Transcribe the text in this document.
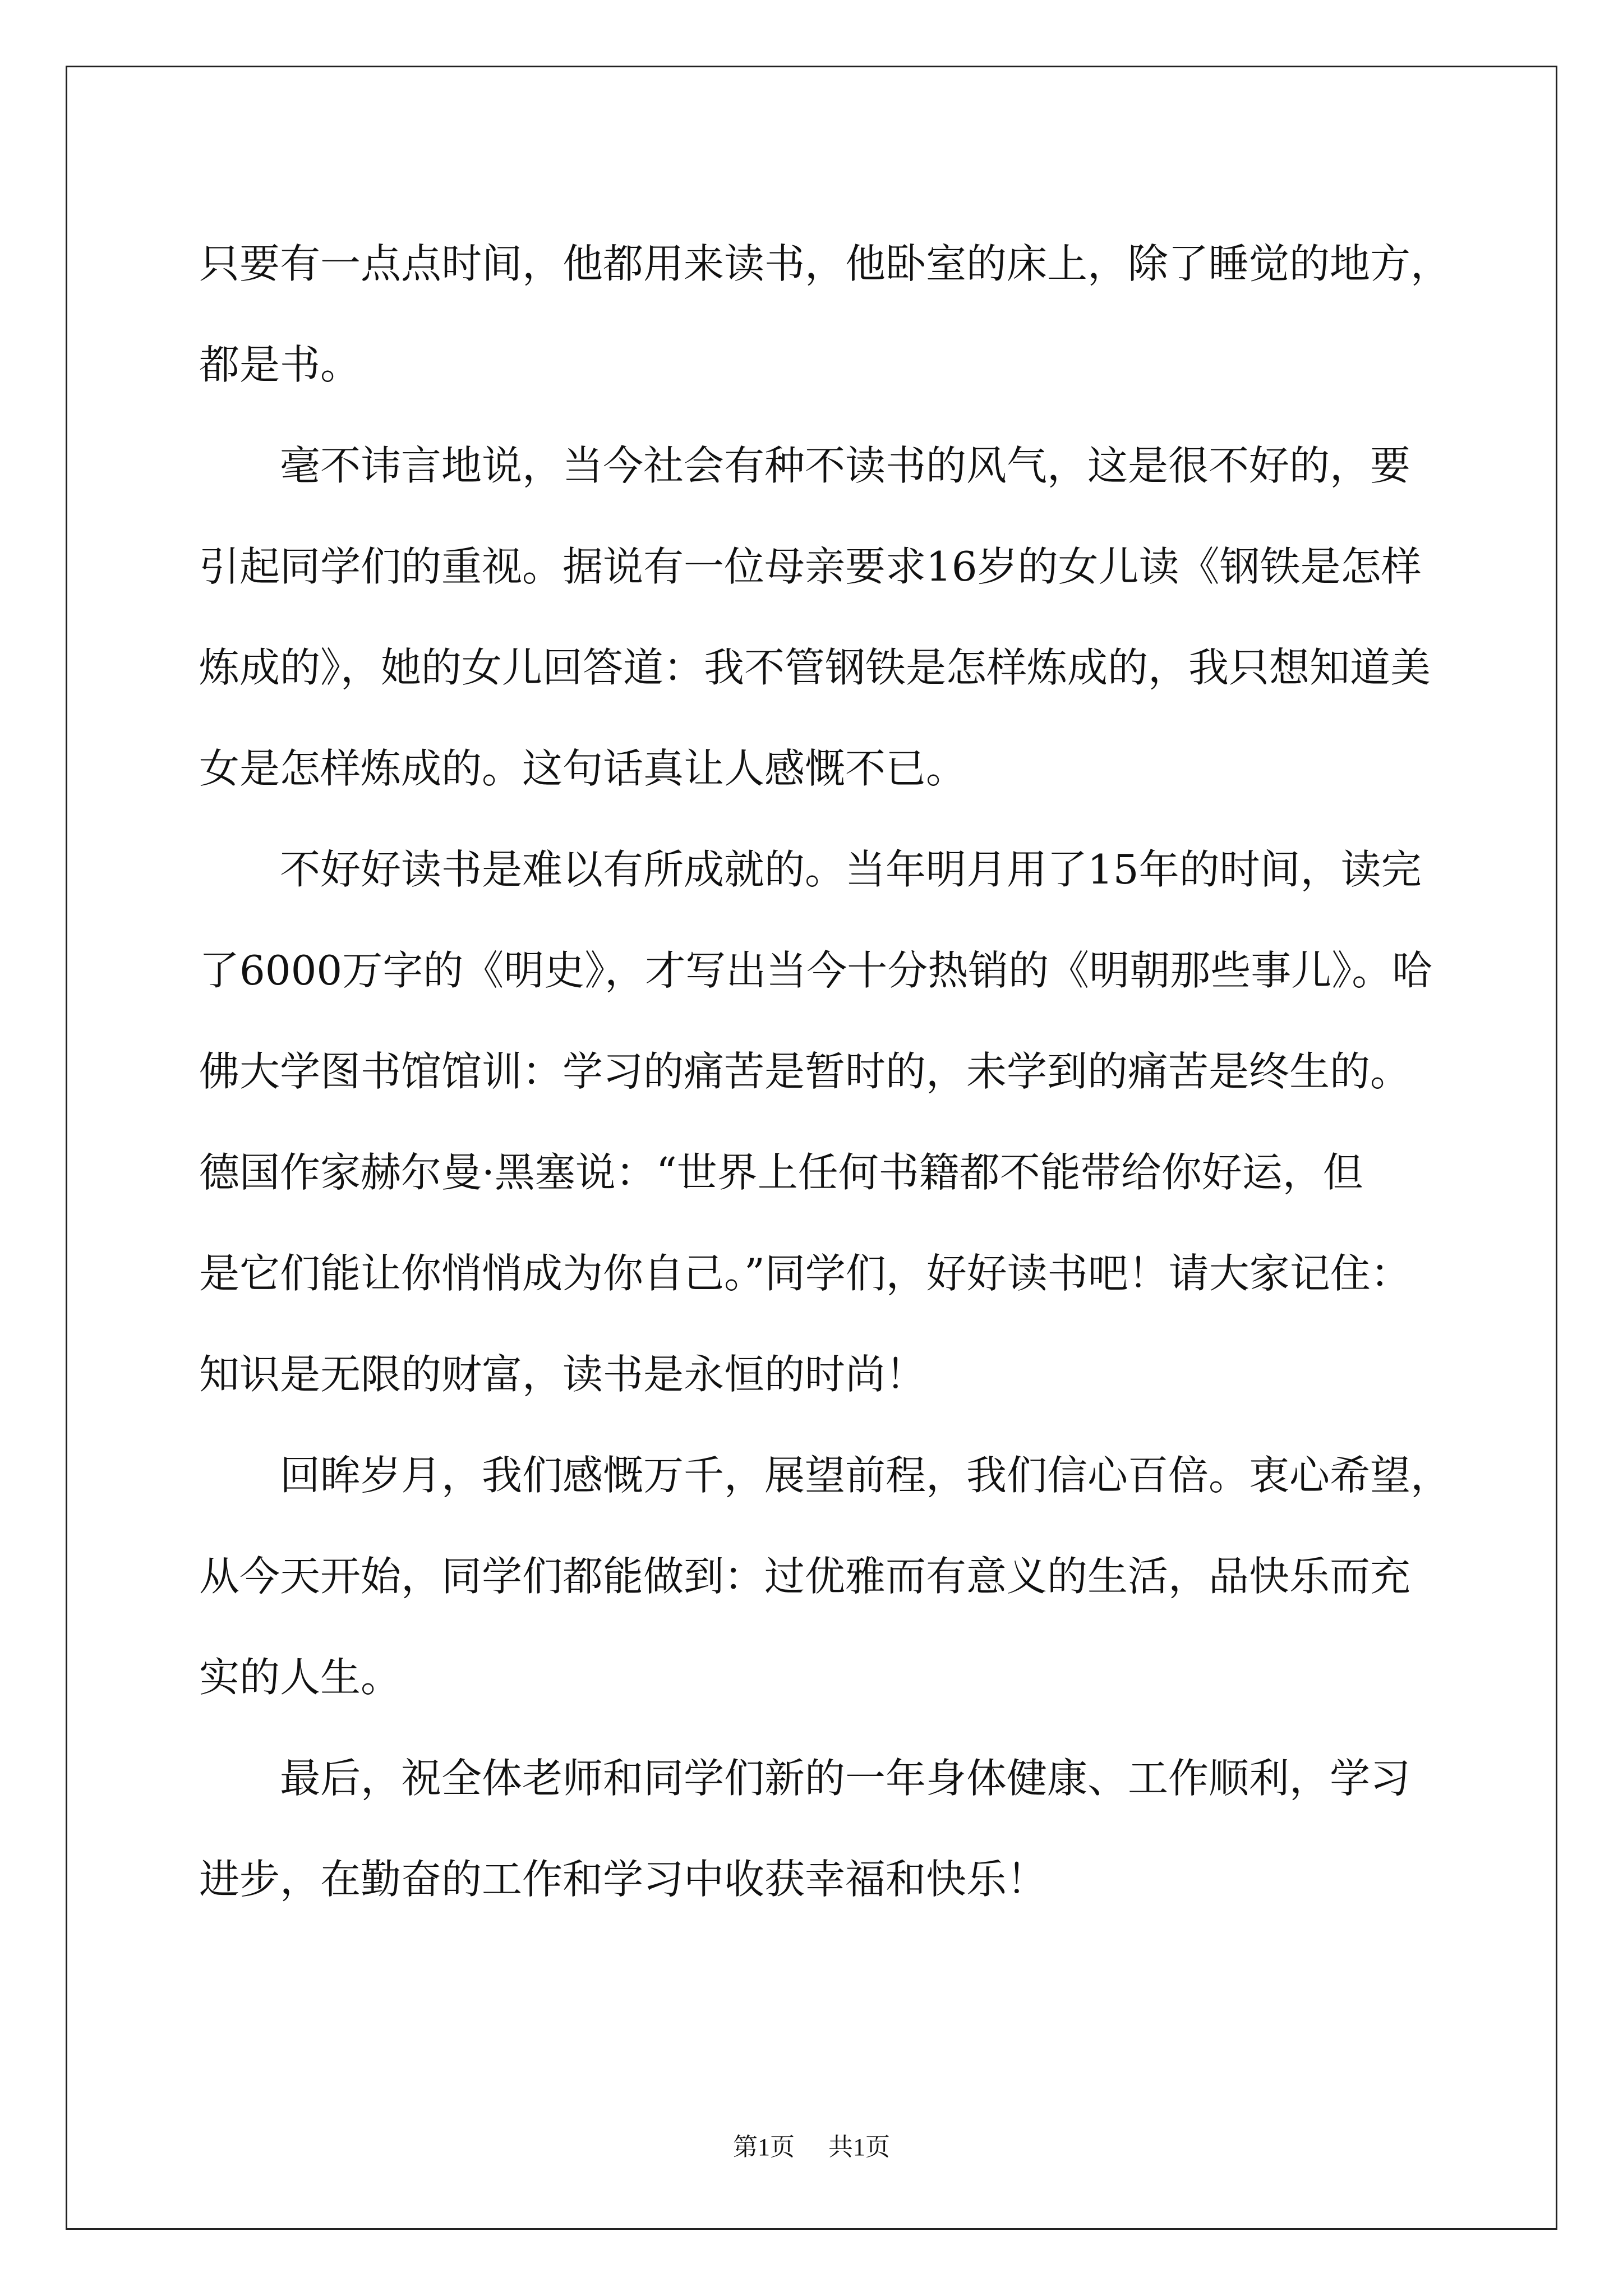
只要有一点点时间，他都用来读书，他卧室的床上，除了睡觉的地方，
都是书。

毫不讳言地说，当今社会有种不读书的风气，这是很不好的，要
引起同学们的重视。据说有一位母亲要求16岁的女儿读《钢铁是怎样
炼成的》，她的女儿回答道：我不管钢铁是怎样炼成的，我只想知道美
女是怎样炼成的。这句话真让人感慨不已。

不好好读书是难以有所成就的。当年明月用了15年的时间，读完
了6000万字的《明史》，才写出当今十分热销的《明朝那些事儿》。哈
佛大学图书馆馆训：学习的痛苦是暂时的，未学到的痛苦是终生的。
德国作家赫尔曼·黑塞说：“世界上任何书籍都不能带给你好运，但
是它们能让你悄悄成为你自己。”同学们，好好读书吧！请大家记住：
知识是无限的财富，读书是永恒的时尚！

回眸岁月，我们感慨万千，展望前程，我们信心百倍。衷心希望，
从今天开始，同学们都能做到：过优雅而有意义的生活，品快乐而充
实的人生。

最后，祝全体老师和同学们新的一年身体健康、工作顺利，学习
进步，在勤奋的工作和学习中收获幸福和快乐！

第1页 共1页
